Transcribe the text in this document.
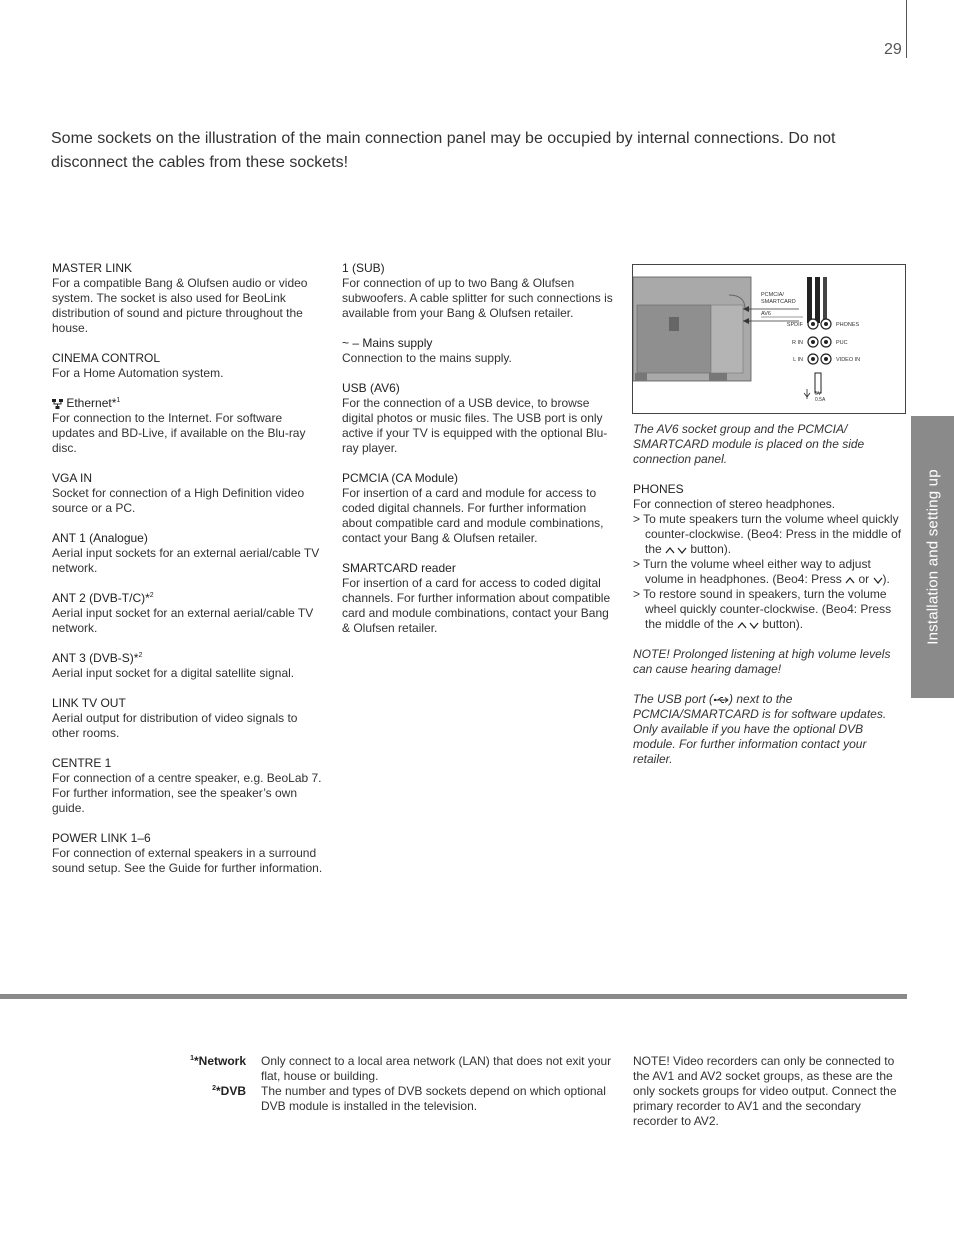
29
Some sockets on the illustration of the main connection panel may be occupied by internal connections. Do not disconnect the cables from these sockets!
Installation and setting up
MASTER LINK
For a compatible Bang & Olufsen audio or video system. The socket is also used for BeoLink distribution of sound and picture throughout the house.
CINEMA CONTROL
For a Home Automation system.
Ethernet*$^1$
For connection to the Internet. For software updates and BD-Live, if available on the Blu-ray disc.
VGA IN
Socket for connection of a High Definition video source or a PC.
ANT 1 (Analogue)
Aerial input sockets for an external aerial/cable TV network.
ANT 2 (DVB-T/C)*$^2$
Aerial input socket for an external aerial/cable TV network.
ANT 3 (DVB-S)*$^2$
Aerial input socket for a digital satellite signal.
LINK TV OUT
Aerial output for distribution of video signals to other rooms.
CENTRE 1
For connection of a centre speaker, e.g. BeoLab 7. For further information, see the speaker’s own guide.
POWER LINK 1–6
For connection of external speakers in a surround sound setup. See the Guide for further information.
1 (SUB)
For connection of up to two Bang & Olufsen subwoofers. A cable splitter for such connections is available from your Bang & Olufsen retailer.
~ – Mains supply
Connection to the mains supply.
USB (AV6)
For the connection of a USB device, to browse digital photos or music files. The USB port is only active if your TV is equipped with the optional Blu-ray player.
PCMCIA (CA Module)
For insertion of a card and module for access to coded digital channels. For further information about compatible card and module combinations, contact your Bang & Olufsen retailer.
SMARTCARD reader
For insertion of a card for access to coded digital channels. For further information about compatible card and module combinations, contact your Bang & Olufsen retailer.
PCMCIA/
SMARTCARD
AV6
SPDIF	PHONES
R IN	PUC
L IN	VIDEO IN
5V
0.5A
The AV6 socket group and the PCMCIA/ SMARTCARD module is placed on the side connection panel.
PHONES
For connection of stereo headphones.
> To mute speakers turn the volume wheel quickly counter-clockwise. (Beo4: Press in the middle of the button).
> Turn the volume wheel either way to adjust volume in headphones. (Beo4: Press or ).
> To restore sound in speakers, turn the volume wheel quickly counter-clockwise. (Beo4: Press the middle of the button).
NOTE! Prolonged listening at high volume levels can cause hearing damage!
The USB port ( ) next to the PCMCIA/SMARTCARD is for software updates. Only available if you have the optional DVB module. For further information contact your retailer.
$^1$*Network Only connect to a local area network (LAN) that does not exit your flat, house or building.
$^2$*DVB The number and types of DVB sockets depend on which optional DVB module is installed in the television.
NOTE! Video recorders can only be connected to the AV1 and AV2 socket groups, as these are the only sockets groups for video output. Connect the primary recorder to AV1 and the secondary recorder to AV2.
